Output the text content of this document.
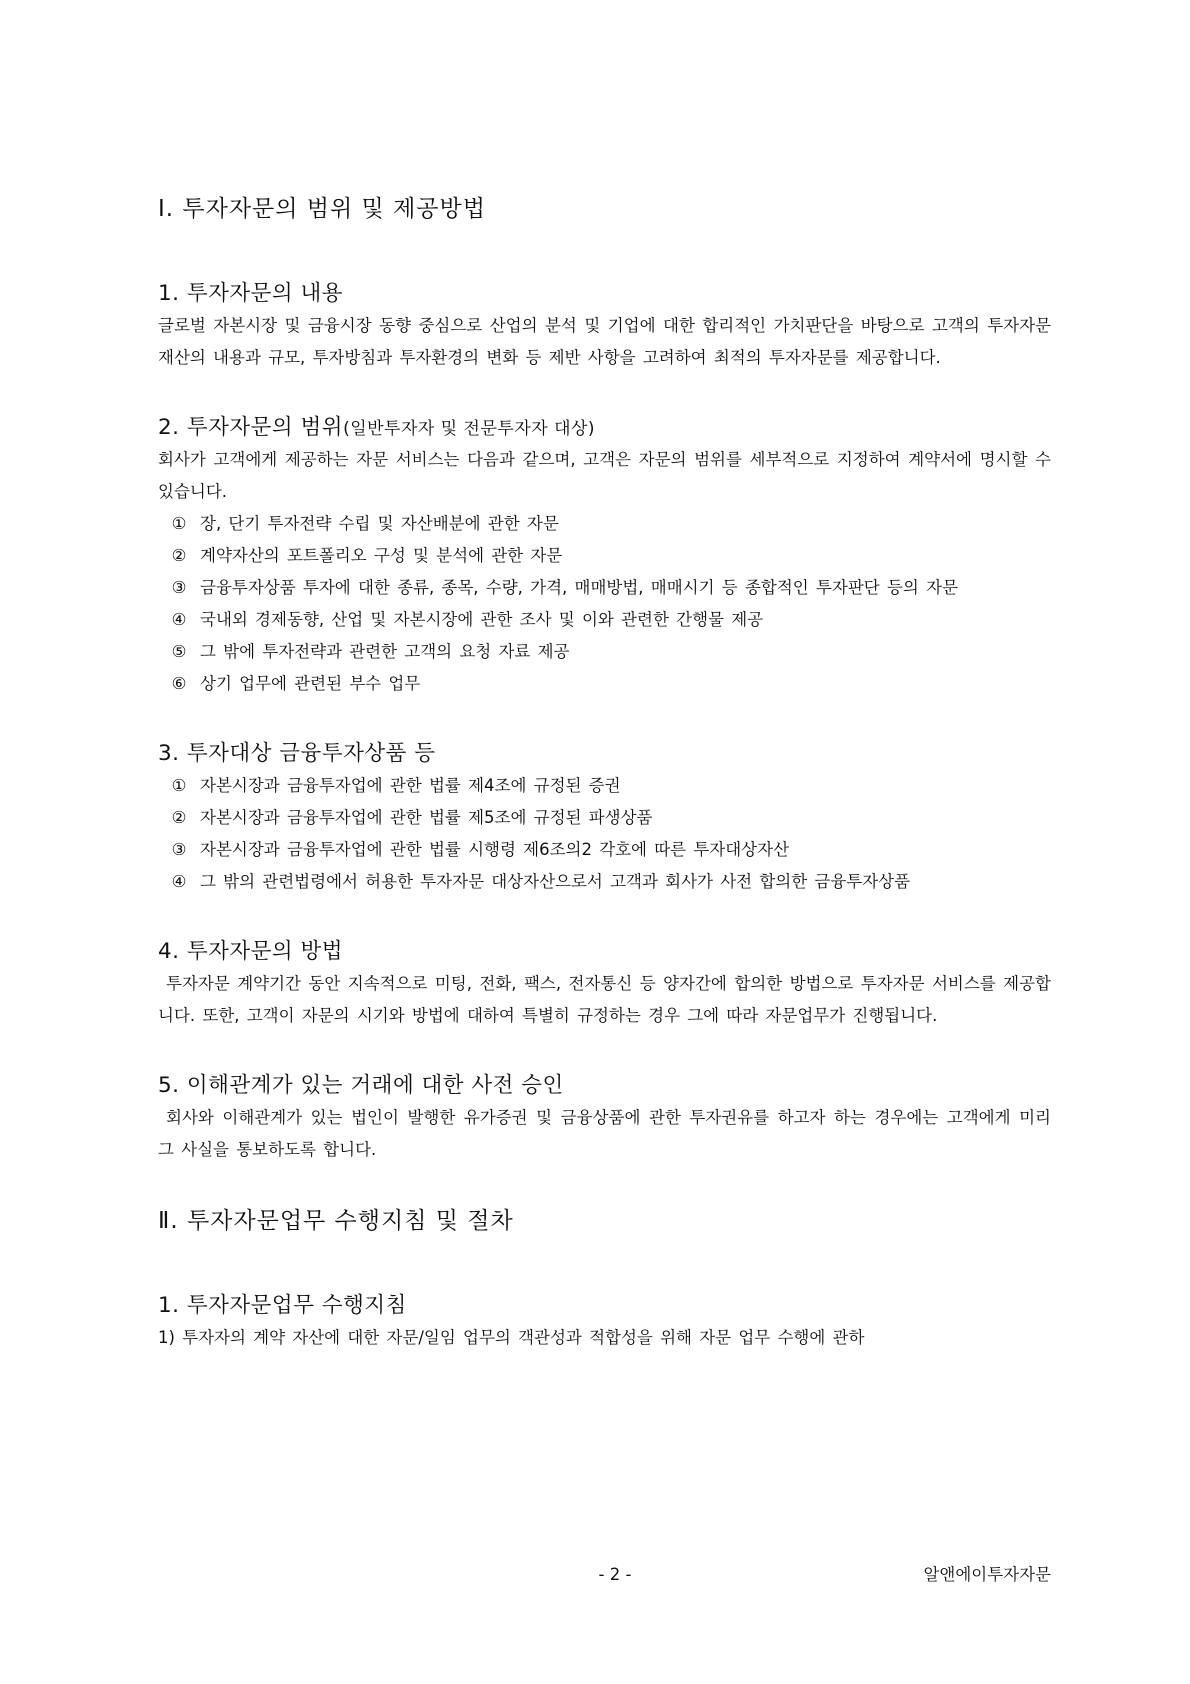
Ⅰ. 투자자문의 범위 및 제공방법
1. 투자자문의 내용

글로벌 자본시장 및 금융시장 동향 중심으로 산업의 분석 및 기업에 대한 합리적인 가치판단을 바탕으로 고객의 투자자문 재산의 내용과 규모, 투자방침과 투자환경의 변화 등 제반 사항을 고려하여 최적의 투자자문를 제공합니다.

2. 투자자문의 범위(일반투자자 및 전문투자자 대상)

회사가 고객에게 제공하는 자문 서비스는 다음과 같으며, 고객은 자문의 범위를 세부적으로 지정하여 계약서에 명시할 수 있습니다.

① 장, 단기 투자전략 수립 및 자산배분에 관한 자문
② 계약자산의 포트폴리오 구성 및 분석에 관한 자문
③ 금융투자상품 투자에 대한 종류, 종목, 수량, 가격, 매매방법, 매매시기 등 종합적인 투자판단 등의 자문
④ 국내외 경제동향, 산업 및 자본시장에 관한 조사 및 이와 관련한 간행물 제공
⑤ 그 밖에 투자전략과 관련한 고객의 요청 자료 제공
⑥ 상기 업무에 관련된 부수 업무
3. 투자대상 금융투자상품 등
① 자본시장과 금융투자업에 관한 법률 제4조에 규정된 증권
② 자본시장과 금융투자업에 관한 법률 제5조에 규정된 파생상품
③ 자본시장과 금융투자업에 관한 법률 시행령 제6조의2 각호에 따른 투자대상자산
④ 그 밖의 관련법령에서 허용한 투자자문 대상자산으로서 고객과 회사가 사전 합의한 금융투자상품
4. 투자자문의 방법

투자자문 계약기간 동안 지속적으로 미팅, 전화, 팩스, 전자통신 등 양자간에 합의한 방법으로 투자자문 서비스를 제공합니다. 또한, 고객이 자문의 시기와 방법에 대하여 특별히 규정하는 경우 그에 따라 자문업무가 진행됩니다.

5. 이해관계가 있는 거래에 대한 사전 승인

회사와 이해관계가 있는 법인이 발행한 유가증권 및 금융상품에 관한 투자권유를 하고자 하는 경우에는 고객에게 미리 그 사실을 통보하도록 합니다.

Ⅱ. 투자자문업무 수행지침 및 절차
1. 투자자문업무 수행지침

1) 투자자의 계약 자산에 대한 자문/일임 업무의 객관성과 적합성을 위해 자문 업무 수행에 관하

- 2 -	알앤에이투자자문
